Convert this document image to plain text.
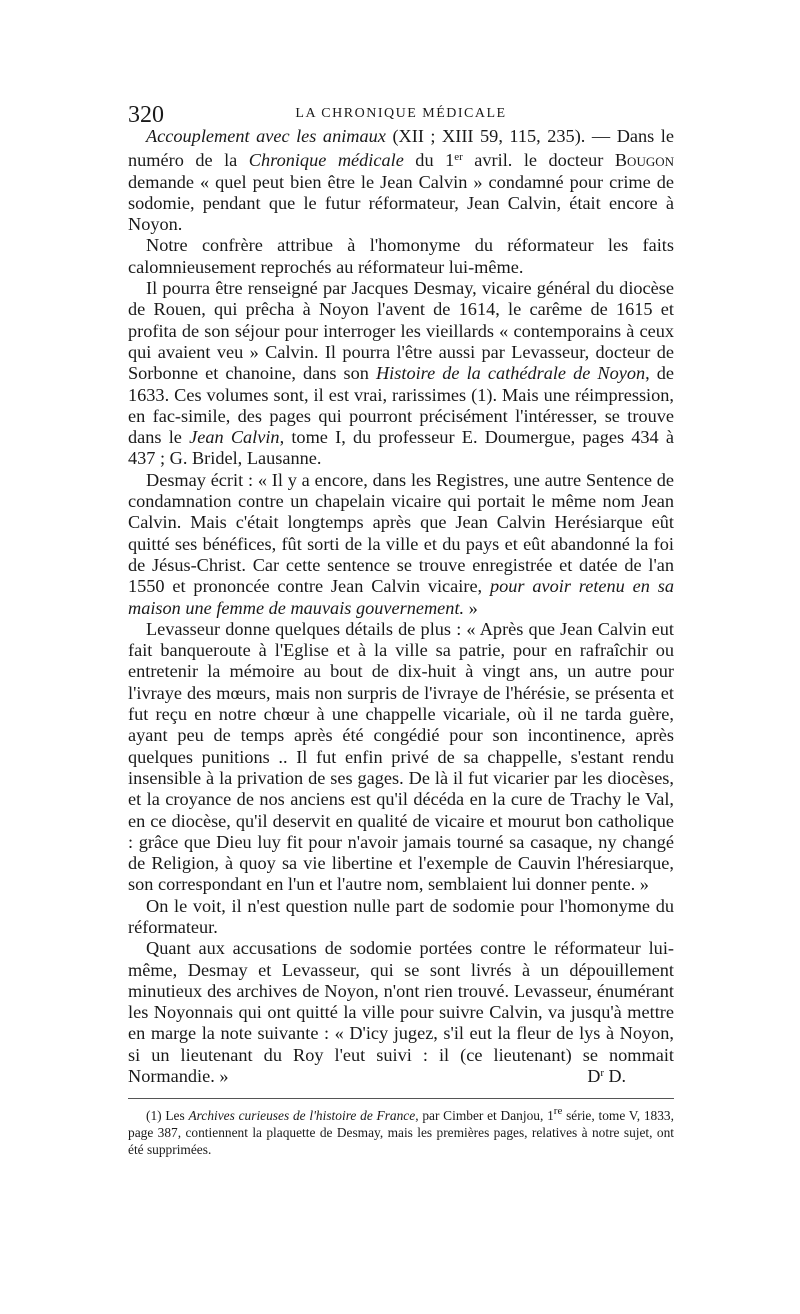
320	LA CHRONIQUE MÉDICALE

Accouplement avec les animaux (XII ; XIII 59, 115, 235). — Dans le numéro de la Chronique médicale du 1er avril. le docteur Bougon demande « quel peut bien être le Jean Calvin » condamné pour crime de sodomie, pendant que le futur réformateur, Jean Calvin, était encore à Noyon.

Notre confrère attribue à l'homonyme du réformateur les faits calomnieusement reprochés au réformateur lui-même.

Il pourra être renseigné par Jacques Desmay, vicaire général du diocèse de Rouen, qui prêcha à Noyon l'avent de 1614, le carême de 1615 et profita de son séjour pour interroger les vieillards « contemporains à ceux qui avaient veu » Calvin. Il pourra l'être aussi par Levasseur, docteur de Sorbonne et chanoine, dans son Histoire de la cathédrale de Noyon, de 1633. Ces volumes sont, il est vrai, rarissimes (1). Mais une réimpression, en fac-simile, des pages qui pourront précisément l'intéresser, se trouve dans le Jean Calvin, tome I, du professeur E. Doumergue, pages 434 à 437 ; G. Bridel, Lausanne.

Desmay écrit : « Il y a encore, dans les Registres, une autre Sentence de condamnation contre un chapelain vicaire qui portait le même nom Jean Calvin. Mais c'était longtemps après que Jean Calvin Herésiarque eût quitté ses bénéfices, fût sorti de la ville et du pays et eût abandonné la foi de Jésus-Christ. Car cette sentence se trouve enregistrée et datée de l'an 1550 et prononcée contre Jean Calvin vicaire, pour avoir retenu en sa maison une femme de mauvais gouvernement. »

Levasseur donne quelques détails de plus : « Après que Jean Calvin eut fait banqueroute à l'Eglise et à la ville sa patrie, pour en rafraîchir ou entretenir la mémoire au bout de dix-huit à vingt ans, un autre pour l'ivraye des mœurs, mais non surpris de l'ivraye de l'hérésie, se présenta et fut reçu en notre chœur à une chappelle vicariale, où il ne tarda guère, ayant peu de temps après été congédié pour son incontinence, après quelques punitions .. Il fut enfin privé de sa chappelle, s'estant rendu insensible à la privation de ses gages. De là il fut vicarier par les diocèses, et la croyance de nos anciens est qu'il décéda en la cure de Trachy le Val, en ce diocèse, qu'il deservit en qualité de vicaire et mourut bon catholique : grâce que Dieu luy fit pour n'avoir jamais tourné sa casaque, ny changé de Religion, à quoy sa vie libertine et l'exemple de Cauvin l'héresiarque, son correspondant en l'un et l'autre nom, semblaient lui donner pente. »

On le voit, il n'est question nulle part de sodomie pour l'homonyme du réformateur.

Quant aux accusations de sodomie portées contre le réformateur lui-même, Desmay et Levasseur, qui se sont livrés à un dépouillement minutieux des archives de Noyon, n'ont rien trouvé. Levasseur, énumérant les Noyonnais qui ont quitté la ville pour suivre Calvin, va jusqu'à mettre en marge la note suivante : « D'icy jugez, s'il eut la fleur de lys à Noyon, si un lieutenant du Roy l'eut suivi : il (ce lieutenant) se nommait Normandie. »	$D^r$ D.

(1) Les Archives curieuses de l'histoire de France, par Cimber et Danjou, 1re série, tome V, 1833, page 387, contiennent la plaquette de Desmay, mais les premières pages, relatives à notre sujet, ont été supprimées.
